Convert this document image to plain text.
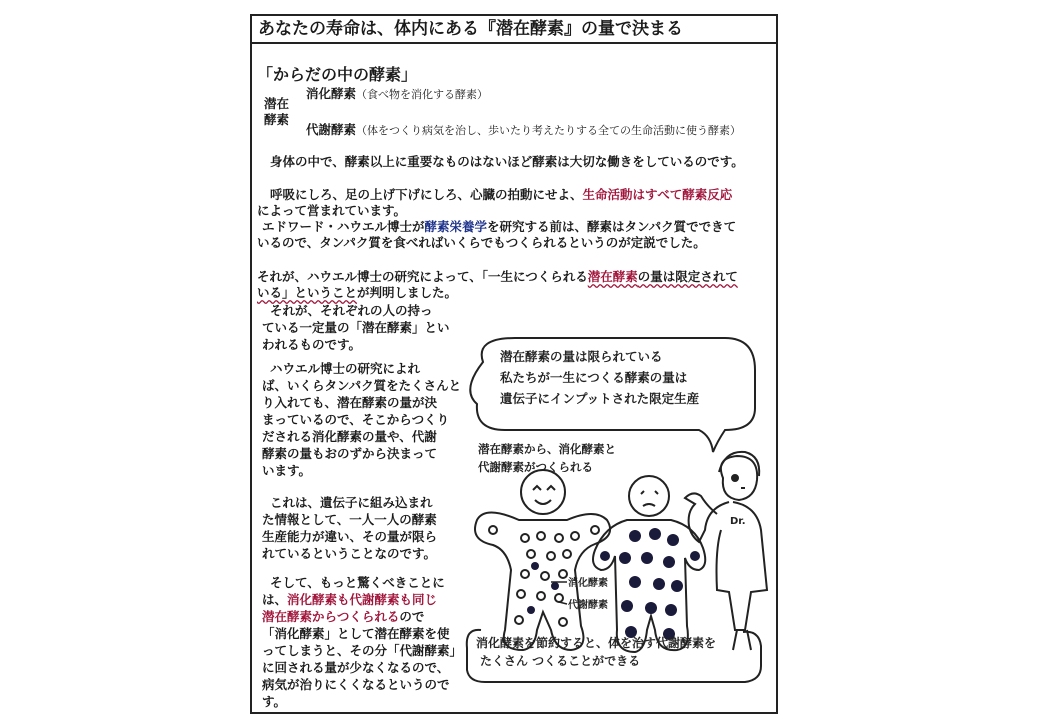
あなたの寿命は、体内にある『潜在酵素』の量で決まる
「からだの中の酵素」
潜在
酵素
消化酵素（食べ物を消化する酵素）
代謝酵素（体をつくり病気を治し、歩いたり考えたりする全ての生命活動に使う酵素）
身体の中で、酵素以上に重要なものはないほど酵素は大切な働きをしているのです。
呼吸にしろ、足の上げ下げにしろ、心臓の拍動にせよ、生命活動はすべて酵素反応
によって営まれています。
エドワード・ハウエル博士が酵素栄養学を研究する前は、酵素はタンパク質でできて
いるので、タンパク質を食べればいくらでもつくられるというのが定説でした。
それが、ハウエル博士の研究によって、「一生につくられる潜在酵素の量は限定されて
いる」ということが判明しました。
それが、それぞれの人の持っ
ている一定量の「潜在酵素」とい
われるものです。
ハウエル博士の研究によれ
ば、いくらタンパク質をたくさんと
り入れても、潜在酵素の量が決
まっているので、そこからつくり
だされる消化酵素の量や、代謝
酵素の量もおのずから決まって
います。
これは、遺伝子に組み込まれ
た情報として、一人一人の酵素
生産能力が違い、その量が限ら
れているということなのです。
そして、もっと驚くべきことに
は、消化酵素も代謝酵素も同じ
潜在酵素からつくられるので
「消化酵素」として潜在酵素を使
ってしまうと、その分「代謝酵素」
に回される量が少なくなるので、
病気が治りにくくなるというので
す。
潜在酵素の量は限られている
私たちが一生につくる酵素の量は
遺伝子にインプットされた限定生産
潜在酵素から、消化酵素と
代謝酵素がつくられる
消化酵素
代謝酵素
Dr.
消化酵素を節約すると、体を治す代謝酵素を
たくさん つくることができる
